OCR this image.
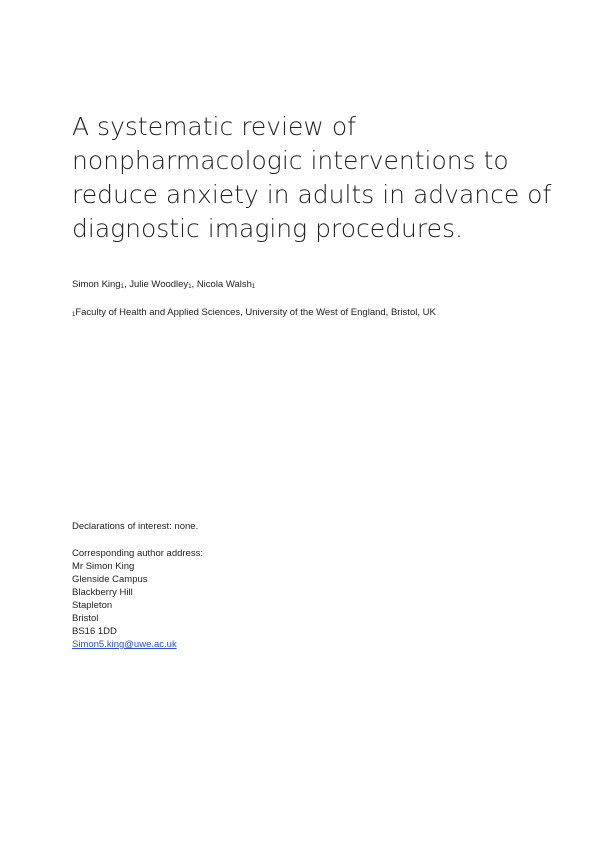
A systematic review of
nonpharmacologic interventions to
reduce anxiety in adults in advance of
diagnostic imaging procedures.
Simon King$_1$, Julie Woodley$_1$, Nicola Walsh$_1$
$_1$Faculty of Health and Applied Sciences, University of the West of England, Bristol, UK
Declarations of interest: none.
Corresponding author address:
Mr Simon King
Glenside Campus
Blackberry Hill
Stapleton
Bristol
BS16 1DD
Simon5.king@uwe.ac.uk
